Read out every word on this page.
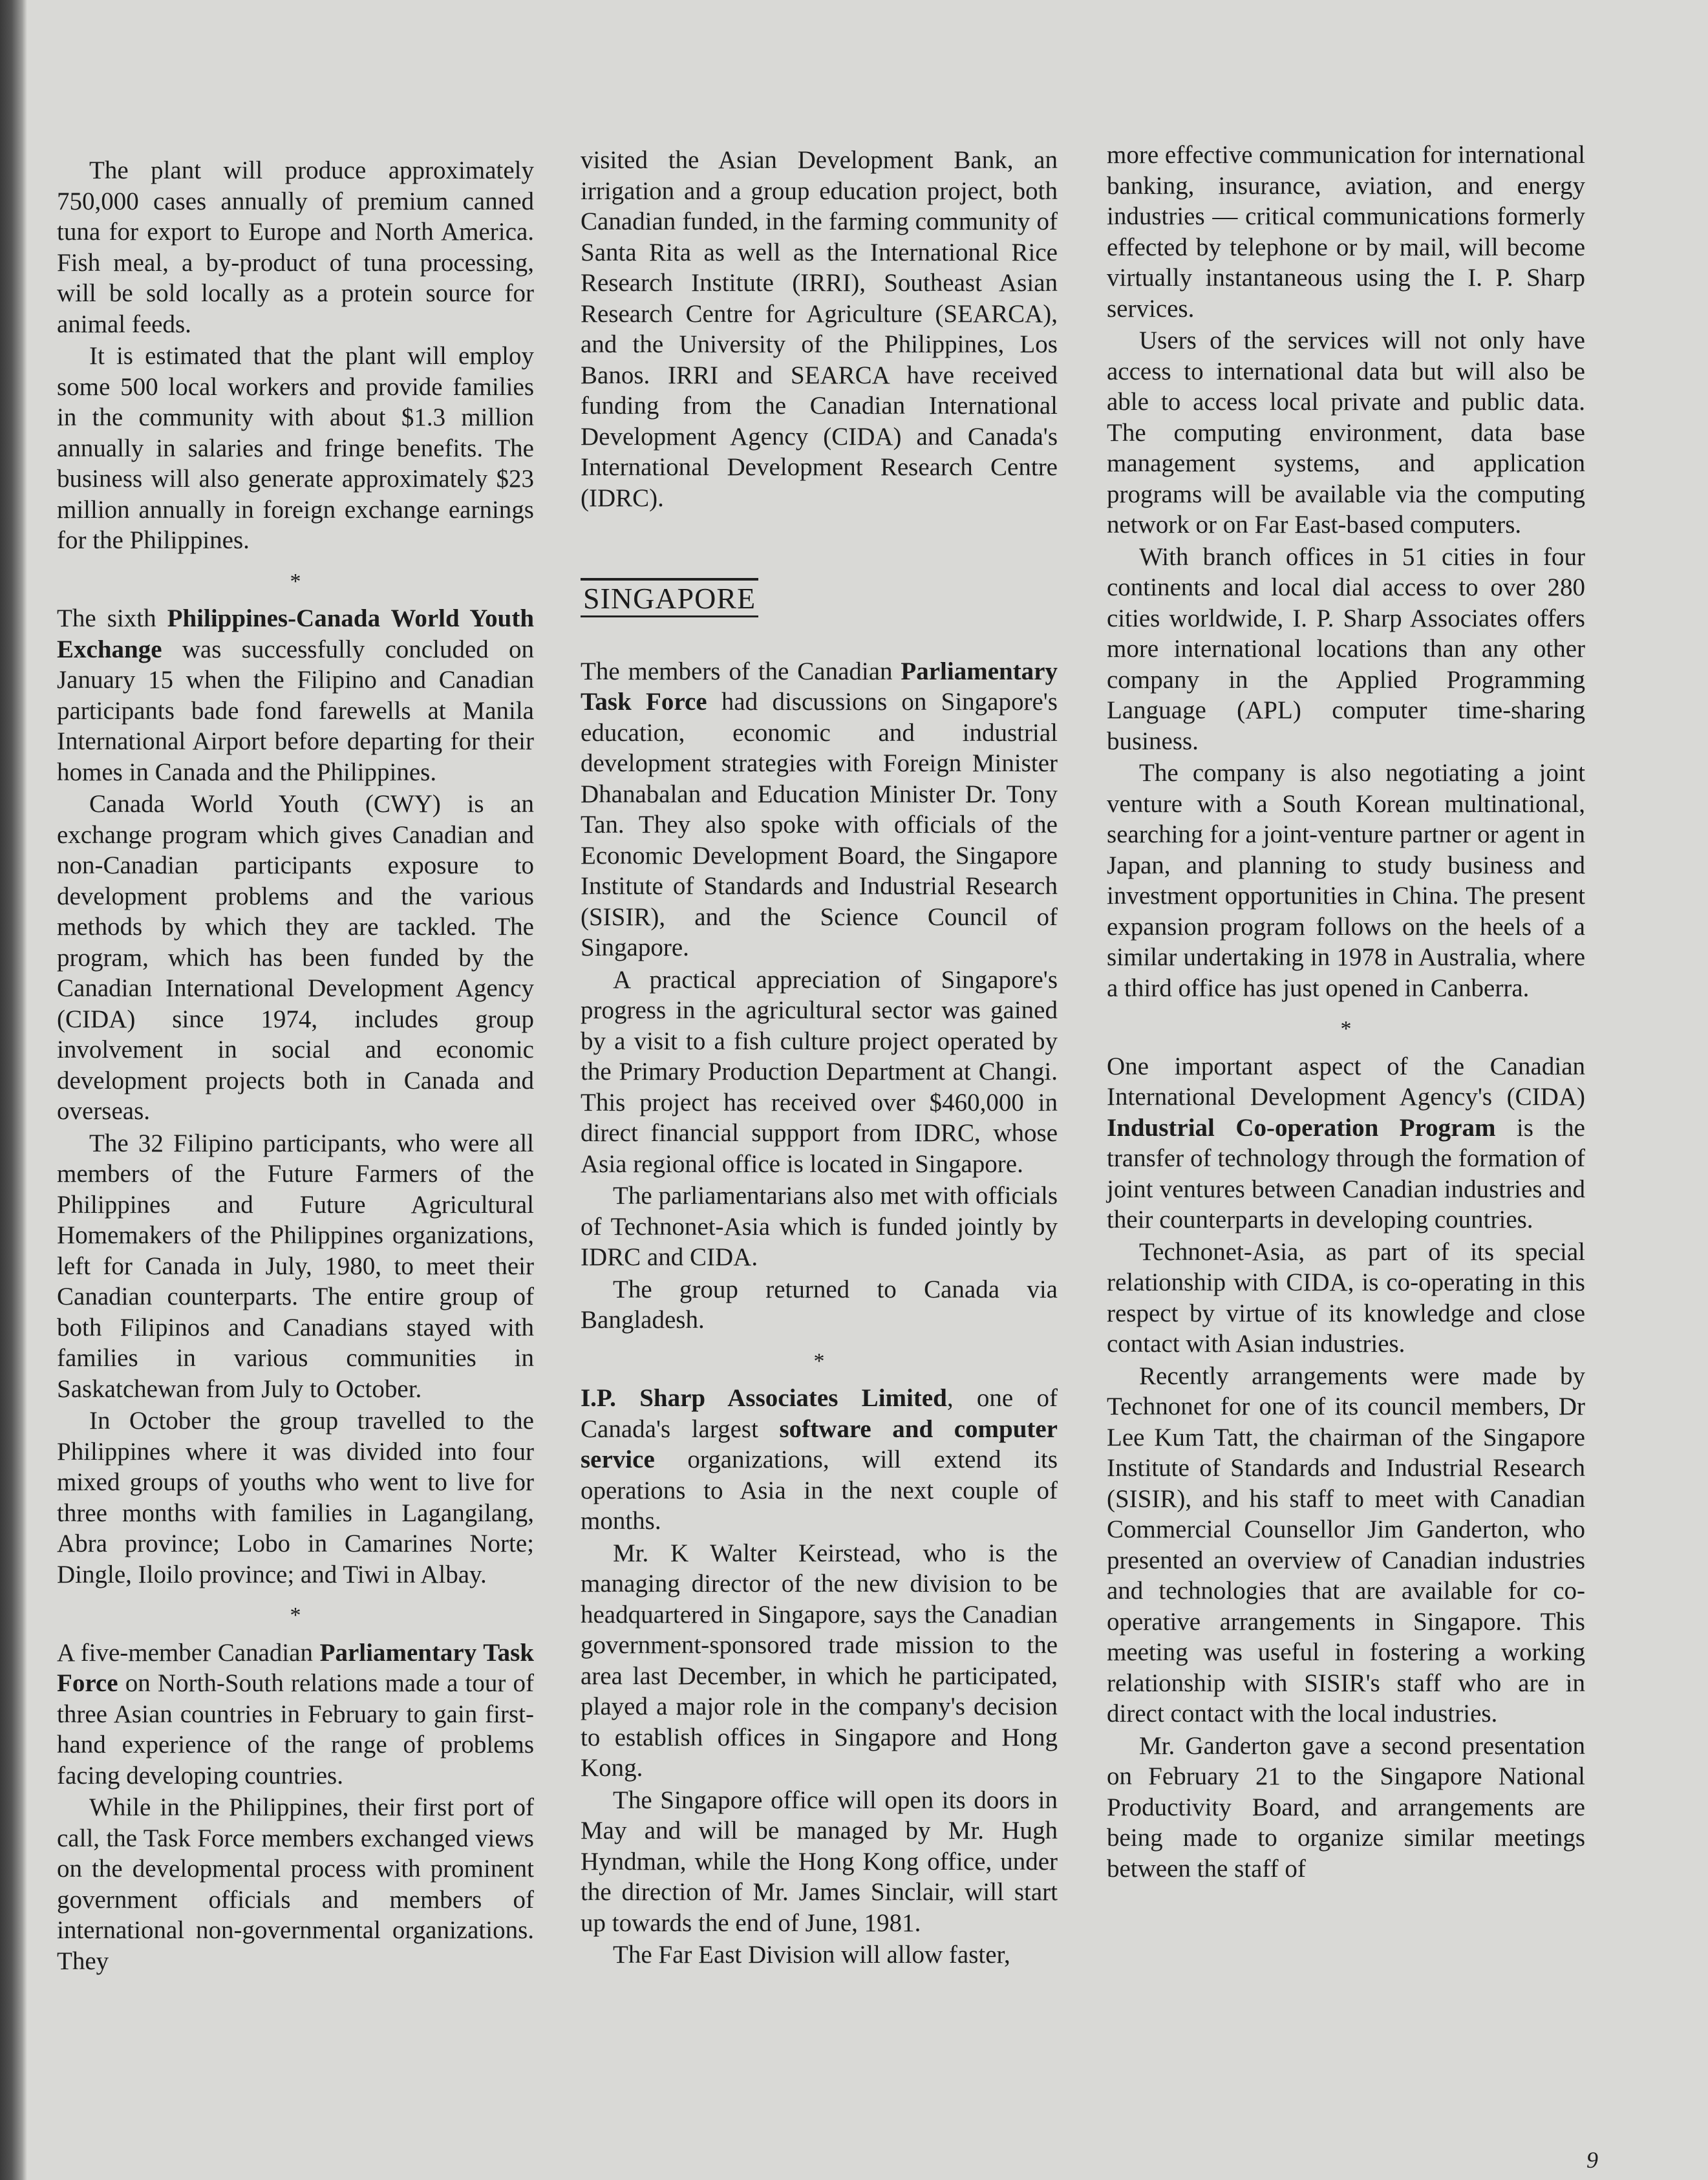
The plant will produce approximately 750,000 cases annually of premium canned tuna for export to Europe and North America. Fish meal, a by-product of tuna processing, will be sold locally as a protein source for animal feeds.

It is estimated that the plant will employ some 500 local workers and provide families in the community with about $1.3 million annually in salaries and fringe benefits. The business will also generate approximately $23 million annually in foreign exchange earnings for the Philippines.

*

The sixth Philippines-Canada World Youth Exchange was successfully concluded on January 15 when the Filipino and Canadian participants bade fond farewells at Manila International Airport before departing for their homes in Canada and the Philippines.

Canada World Youth (CWY) is an exchange program which gives Canadian and non-Canadian participants exposure to development problems and the various methods by which they are tackled. The program, which has been funded by the Canadian International Development Agency (CIDA) since 1974, includes group involvement in social and economic development projects both in Canada and overseas.

The 32 Filipino participants, who were all members of the Future Farmers of the Philippines and Future Agricultural Homemakers of the Philippines organizations, left for Canada in July, 1980, to meet their Canadian counterparts. The entire group of both Filipinos and Canadians stayed with families in various communities in Saskatchewan from July to October.

In October the group travelled to the Philippines where it was divided into four mixed groups of youths who went to live for three months with families in Lagangilang, Abra province; Lobo in Camarines Norte; Dingle, Iloilo province; and Tiwi in Albay.

*

A five-member Canadian Parliamentary Task Force on North-South relations made a tour of three Asian countries in February to gain first-hand experience of the range of problems facing developing countries.

While in the Philippines, their first port of call, the Task Force members exchanged views on the developmental process with prominent government officials and members of international non-governmental organizations. They

visited the Asian Development Bank, an irrigation and a group education project, both Canadian funded, in the farming community of Santa Rita as well as the International Rice Research Institute (IRRI), Southeast Asian Research Centre for Agriculture (SEARCA), and the University of the Philippines, Los Banos. IRRI and SEARCA have received funding from the Canadian International Development Agency (CIDA) and Canada's International Development Research Centre (IDRC).

SINGAPORE

The members of the Canadian Parliamentary Task Force had discussions on Singapore's education, economic and industrial development strategies with Foreign Minister Dhanabalan and Education Minister Dr. Tony Tan. They also spoke with officials of the Economic Development Board, the Singapore Institute of Standards and Industrial Research (SISIR), and the Science Council of Singapore.

A practical appreciation of Singapore's progress in the agricultural sector was gained by a visit to a fish culture project operated by the Primary Production Department at Changi. This project has received over $460,000 in direct financial suppport from IDRC, whose Asia regional office is located in Singapore.

The parliamentarians also met with officials of Technonet-Asia which is funded jointly by IDRC and CIDA.

The group returned to Canada via Bangladesh.

*

I.P. Sharp Associates Limited, one of Canada's largest software and computer service organizations, will extend its operations to Asia in the next couple of months.

Mr. K Walter Keirstead, who is the managing director of the new division to be headquartered in Singapore, says the Canadian government-sponsored trade mission to the area last December, in which he participated, played a major role in the company's decision to establish offices in Singapore and Hong Kong.

The Singapore office will open its doors in May and will be managed by Mr. Hugh Hyndman, while the Hong Kong office, under the direction of Mr. James Sinclair, will start up towards the end of June, 1981.

The Far East Division will allow faster,

more effective communication for international banking, insurance, aviation, and energy industries — critical communications formerly effected by telephone or by mail, will become virtually instantaneous using the I. P. Sharp services.

Users of the services will not only have access to international data but will also be able to access local private and public data. The computing environment, data base management systems, and application programs will be available via the computing network or on Far East-based computers.

With branch offices in 51 cities in four continents and local dial access to over 280 cities worldwide, I. P. Sharp Associates offers more international locations than any other company in the Applied Programming Language (APL) computer time-sharing business.

The company is also negotiating a joint venture with a South Korean multinational, searching for a joint-venture partner or agent in Japan, and planning to study business and investment opportunities in China. The present expansion program follows on the heels of a similar undertaking in 1978 in Australia, where a third office has just opened in Canberra.

*

One important aspect of the Canadian International Development Agency's (CIDA) Industrial Co-operation Program is the transfer of technology through the formation of joint ventures between Canadian industries and their counterparts in developing countries.

Technonet-Asia, as part of its special relationship with CIDA, is co-operating in this respect by virtue of its knowledge and close contact with Asian industries.

Recently arrangements were made by Technonet for one of its council members, Dr Lee Kum Tatt, the chairman of the Singapore Institute of Standards and Industrial Research (SISIR), and his staff to meet with Canadian Commercial Counsellor Jim Ganderton, who presented an overview of Canadian industries and technologies that are available for co-operative arrangements in Singapore. This meeting was useful in fostering a working relationship with SISIR's staff who are in direct contact with the local industries.

Mr. Ganderton gave a second presentation on February 21 to the Singapore National Productivity Board, and arrangements are being made to organize similar meetings between the staff of

9
